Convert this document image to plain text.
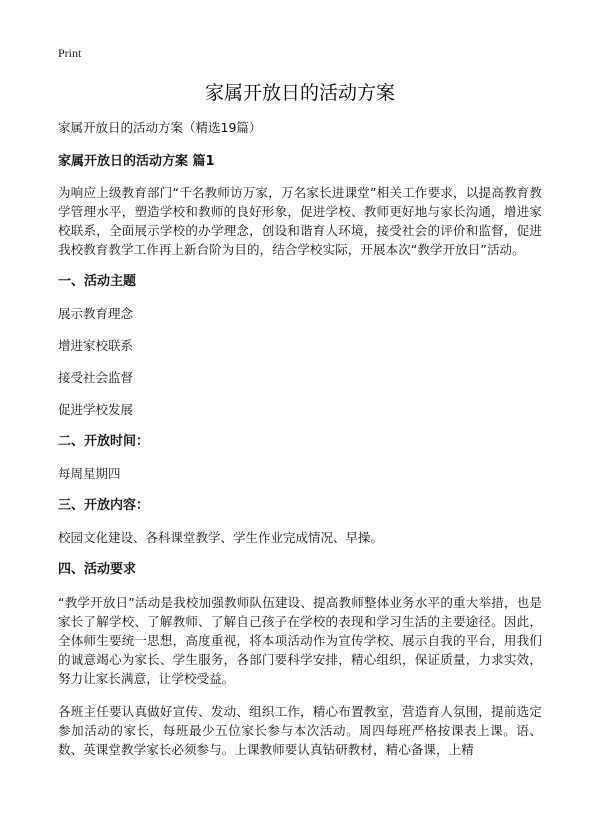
Print
家属开放日的活动方案
家属开放日的活动方案（精选19篇）
家属开放日的活动方案 篇1

为响应上级教育部门“千名教师访万家，万名家长进课堂”相关工作要求，以提高教育教学管理水平，塑造学校和教师的良好形象，促进学校、教师更好地与家长沟通，增进家校联系，全面展示学校的办学理念，创设和谐育人环境，接受社会的评价和监督，促进我校教育教学工作再上新台阶为目的，结合学校实际，开展本次“教学开放日”活动。

一、活动主题
展示教育理念
增进家校联系
接受社会监督
促进学校发展
二、开放时间：
每周星期四
三、开放内容：
校园文化建设、各科课堂教学、学生作业完成情况、早操。
四、活动要求

“教学开放日”活动是我校加强教师队伍建设、提高教师整体业务水平的重大举措，也是家长了解学校、了解教师、了解自己孩子在学校的表现和学习生活的主要途径。因此，全体师生要统一思想，高度重视，将本项活动作为宣传学校、展示自我的平台，用我们的诚意竭心为家长、学生服务，各部门要科学安排，精心组织，保证质量，力求实效，努力让家长满意，让学校受益。

各班主任要认真做好宣传、发动、组织工作，精心布置教室，营造育人氛围，提前选定参加活动的家长，每班最少五位家长参与本次活动。周四每班严格按课表上课。语、数、英课堂教学家长必须参与。上课教师要认真钻研教材，精心备课，上精
